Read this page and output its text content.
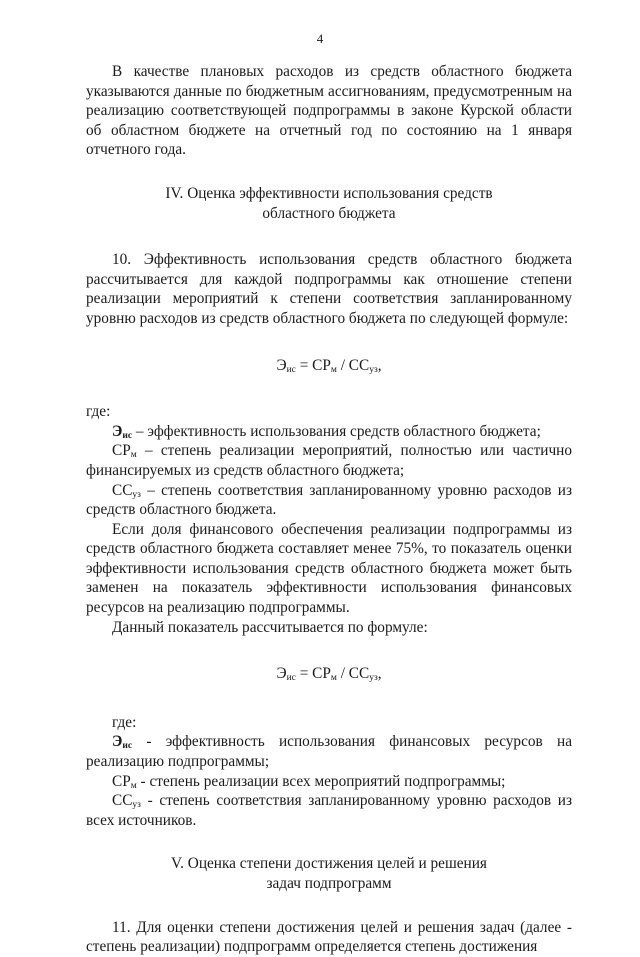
4

В качестве плановых расходов из средств областного бюджета указываются данные по бюджетным ассигнованиям, предусмотренным на реализацию соответствующей подпрограммы в законе Курской области об областном бюджете на отчетный год по состоянию на 1 января отчетного года.

IV. Оценка эффективности использования средств
областного бюджета

10. Эффективность использования средств областного бюджета рассчитывается для каждой подпрограммы как отношение степени реализации мероприятий к степени соответствия запланированному уровню расходов из средств областного бюджета по следующей формуле:

$Э_{ис} = СР_м / СС_{уз}$,

где:

$Э_{ис}$ – эффективность использования средств областного бюджета;

$СР_м$ – степень реализации мероприятий, полностью или частично финансируемых из средств областного бюджета;

$СС_{уз}$ – степень соответствия запланированному уровню расходов из средств областного бюджета.

Если доля финансового обеспечения реализации подпрограммы из средств областного бюджета составляет менее 75%, то показатель оценки эффективности использования средств областного бюджета может быть заменен на показатель эффективности использования финансовых ресурсов на реализацию подпрограммы.

Данный показатель рассчитывается по формуле:

$Э_{ис} = СР_м / СС_{уз}$,

где:

$Э_{ис}$ - эффективность использования финансовых ресурсов на реализацию подпрограммы;

$СР_м$ - степень реализации всех мероприятий подпрограммы;

$СС_{уз}$ - степень соответствия запланированному уровню расходов из всех источников.

V. Оценка степени достижения целей и решения
задач подпрограмм

11. Для оценки степени достижения целей и решения задач (далее - степень реализации) подпрограмм определяется степень достижения
